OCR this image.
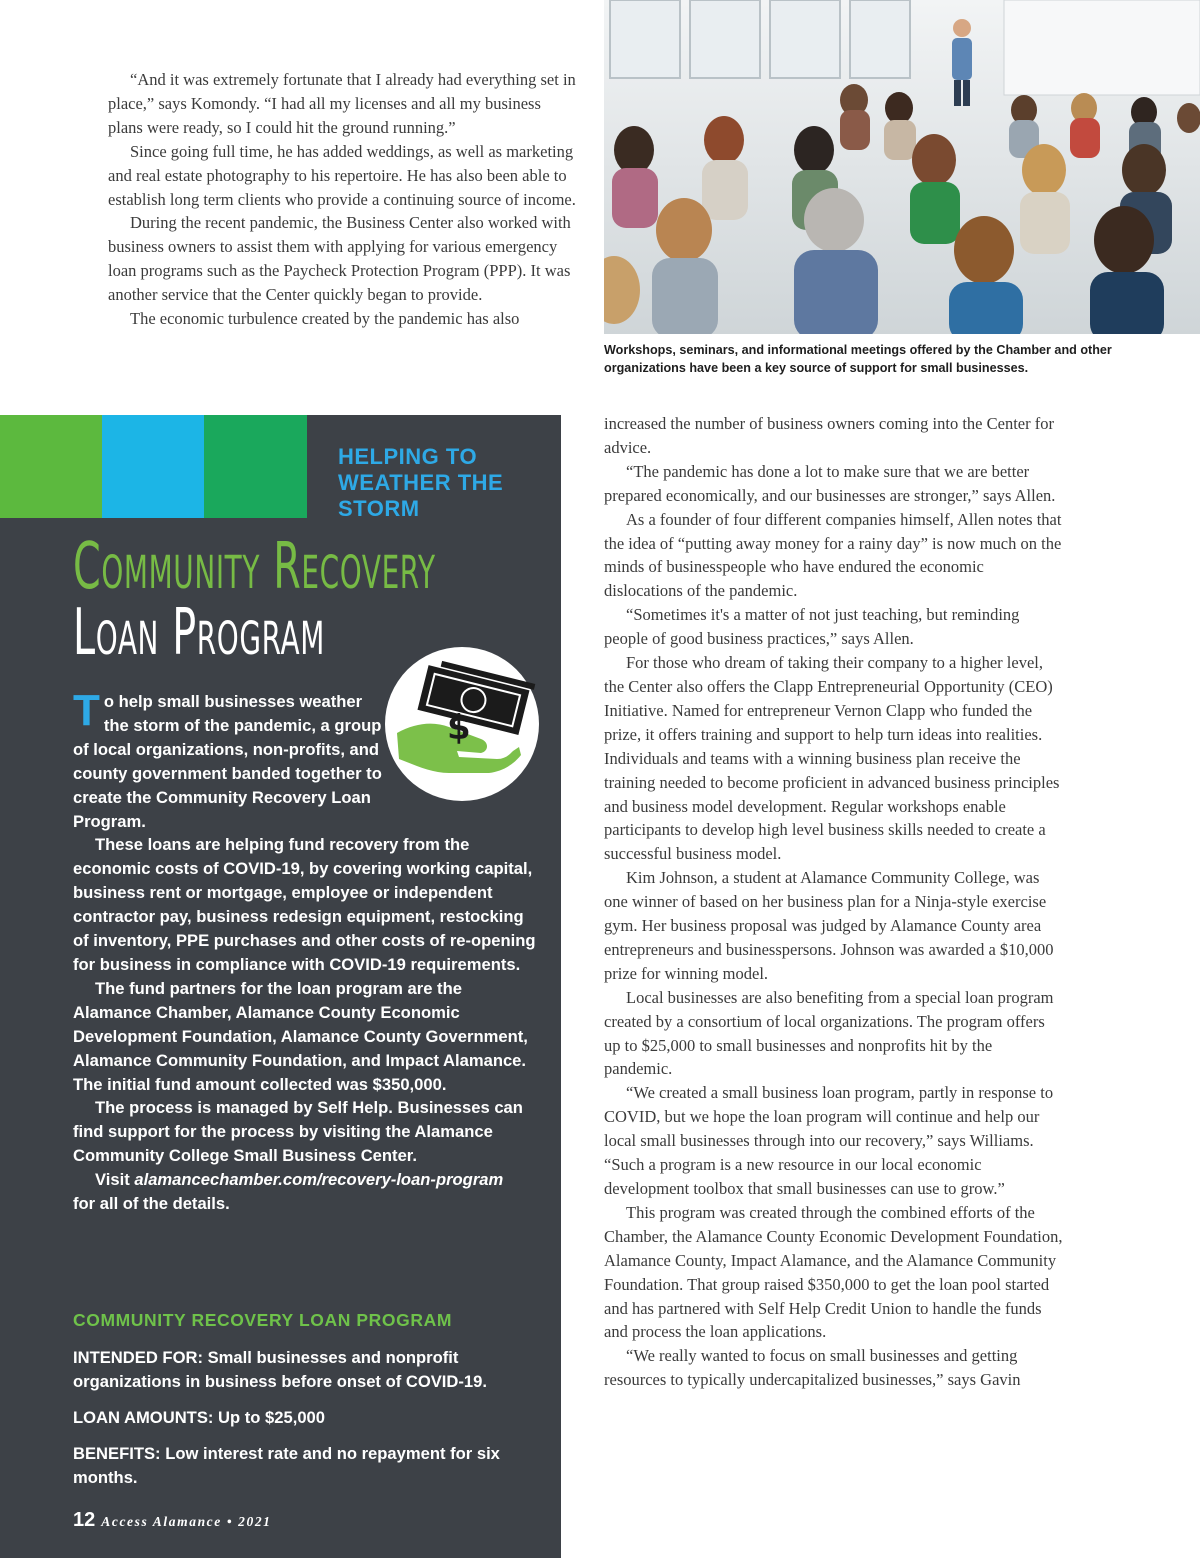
“And it was extremely fortunate that I already had everything set in place,” says Komondy. “I had all my licenses and all my business plans were ready, so I could hit the ground running.”

Since going full time, he has added weddings, as well as marketing and real estate photography to his repertoire. He has also been able to establish long term clients who provide a continuing source of income.

During the recent pandemic, the Business Center also worked with business owners to assist them with applying for various emergency loan programs such as the Paycheck Protection Program (PPP). It was another service that the Center quickly began to provide.

The economic turbulence created by the pandemic has also

Workshops, seminars, and informational meetings offered by the Chamber and other organizations have been a key source of support for small businesses.

increased the number of business owners coming into the Center for advice.

“The pandemic has done a lot to make sure that we are better prepared economically, and our businesses are stronger,” says Allen.

As a founder of four different companies himself, Allen notes that the idea of “putting away money for a rainy day” is now much on the minds of businesspeople who have endured the economic dislocations of the pandemic.

“Sometimes it's a matter of not just teaching, but reminding people of good business practices,” says Allen.

For those who dream of taking their company to a higher level, the Center also offers the Clapp Entrepreneurial Opportunity (CEO) Initiative. Named for entrepreneur Vernon Clapp who funded the prize, it offers training and support to help turn ideas into realities. Individuals and teams with a winning business plan receive the training needed to become proficient in advanced business principles and business model development. Regular workshops enable participants to develop high level business skills needed to create a successful business model.

Kim Johnson, a student at Alamance Community College, was one winner of based on her business plan for a Ninja-style exercise gym. Her business proposal was judged by Alamance County area entrepreneurs and businesspersons. Johnson was awarded a $10,000 prize for winning model.

Local businesses are also benefiting from a special loan program created by a consortium of local organizations. The program offers up to $25,000 to small businesses and nonprofits hit by the pandemic.

“We created a small business loan program, partly in response to COVID, but we hope the loan program will continue and help our local small businesses through into our recovery,” says Williams. “Such a program is a new resource in our local economic development toolbox that small businesses can use to grow.”

This program was created through the combined efforts of the Chamber, the Alamance County Economic Development Foundation, Alamance County, Impact Alamance, and the Alamance Community Foundation. That group raised $350,000 to get the loan pool started and has partnered with Self Help Credit Union to handle the funds and process the loan applications.

“We really wanted to focus on small businesses and getting resources to typically undercapitalized businesses,” says Gavin

HELPING TO WEATHER THE STORM
Community Recovery
Loan Program
$

To help small businesses weather the storm of the pandemic, a group of local organizations, non-profits, and county government banded together to create the Community Recovery Loan Program.

These loans are helping fund recovery from the economic costs of COVID-19, by covering working capital, business rent or mortgage, employee or independent contractor pay, business redesign equipment, restocking of inventory, PPE purchases and other costs of re-opening for business in compliance with COVID-19 requirements.

The fund partners for the loan program are the Alamance Chamber, Alamance County Economic Development Foundation, Alamance County Government, Alamance Community Foundation, and Impact Alamance. The initial fund amount collected was $350,000.

The process is managed by Self Help. Businesses can find support for the process by visiting the Alamance Community College Small Business Center.

Visit alamancechamber.com/recovery-loan-program
for all of the details.

COMMUNITY RECOVERY LOAN PROGRAM
INTENDED FOR: Small businesses and nonprofit organizations in business before onset of COVID-19.
LOAN AMOUNTS: Up to $25,000
BENEFITS: Low interest rate and no repayment for six months.
12 Access Alamance • 2021
